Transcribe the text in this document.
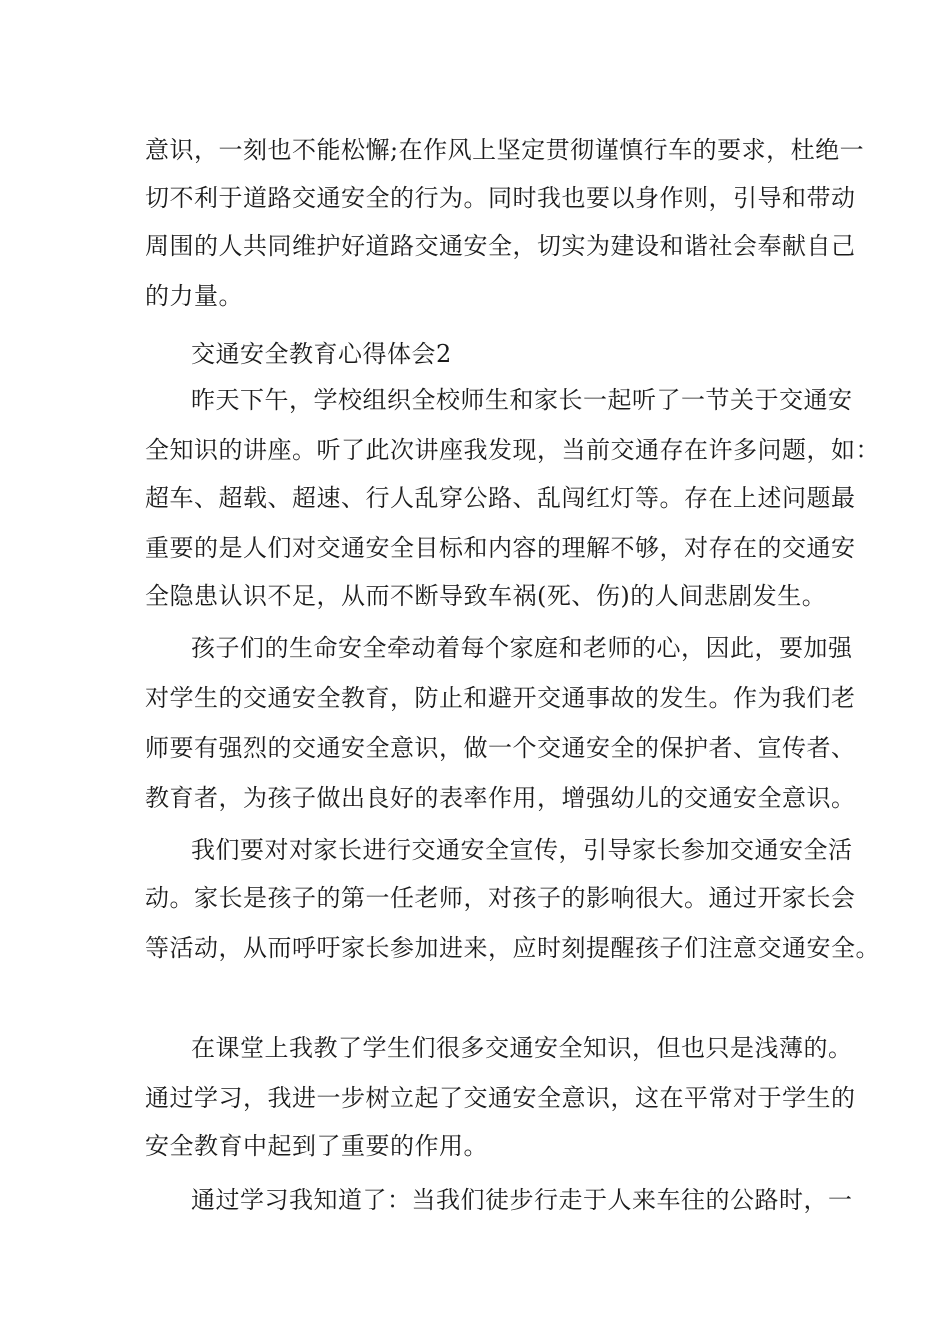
意识，一刻也不能松懈;在作风上坚定贯彻谨慎行车的要求，杜绝一
切不利于道路交通安全的行为。同时我也要以身作则，引导和带动
周围的人共同维护好道路交通安全，切实为建设和谐社会奉献自己
的力量。
交通安全教育心得体会2
昨天下午，学校组织全校师生和家长一起听了一节关于交通安
全知识的讲座。听了此次讲座我发现，当前交通存在许多问题，如：
超车、超载、超速、行人乱穿公路、乱闯红灯等。存在上述问题最
重要的是人们对交通安全目标和内容的理解不够，对存在的交通安
全隐患认识不足，从而不断导致车祸(死、伤)的人间悲剧发生。
孩子们的生命安全牵动着每个家庭和老师的心，因此，要加强
对学生的交通安全教育，防止和避开交通事故的发生。作为我们老
师要有强烈的交通安全意识，做一个交通安全的保护者、宣传者、
教育者，为孩子做出良好的表率作用，增强幼儿的交通安全意识。
我们要对对家长进行交通安全宣传，引导家长参加交通安全活
动。家长是孩子的第一任老师，对孩子的影响很大。通过开家长会
等活动，从而呼吁家长参加进来，应时刻提醒孩子们注意交通安全。
在课堂上我教了学生们很多交通安全知识，但也只是浅薄的。
通过学习，我进一步树立起了交通安全意识，这在平常对于学生的
安全教育中起到了重要的作用。
通过学习我知道了：当我们徒步行走于人来车往的公路时，一
